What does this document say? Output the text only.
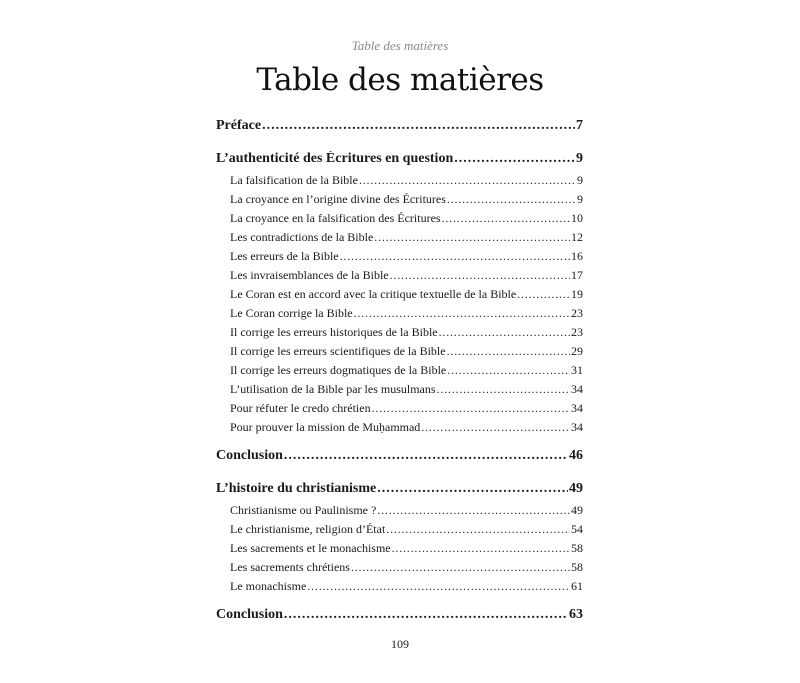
Table des matières
Table des matières
Préface .....	7
L’authenticité des Écritures en question .....	9
La falsification de la Bible .....	9
La croyance en l’origine divine des Écritures .....	9
La croyance en la falsification des Écritures .....	10
Les contradictions de la Bible .....	12
Les erreurs de la Bible .....	16
Les invraisemblances de la Bible .....	17
Le Coran est en accord avec la critique textuelle de la Bible .....	19
Le Coran corrige la Bible .....	23
Il corrige les erreurs historiques de la Bible .....	23
Il corrige les erreurs scientifiques de la Bible .....	29
Il corrige les erreurs dogmatiques de la Bible .....	31
L’utilisation de la Bible par les musulmans .....	34
Pour réfuter le credo chrétien .....	34
Pour prouver la mission de Muḥammad .....	34
Conclusion .....	46
L’histoire du christianisme .....	49
Christianisme ou Paulinisme ? .....	49
Le christianisme, religion d’État .....	54
Les sacrements et le monachisme .....	58
Les sacrements chrétiens .....	58
Le monachisme .....	61
Conclusion .....	63
109
